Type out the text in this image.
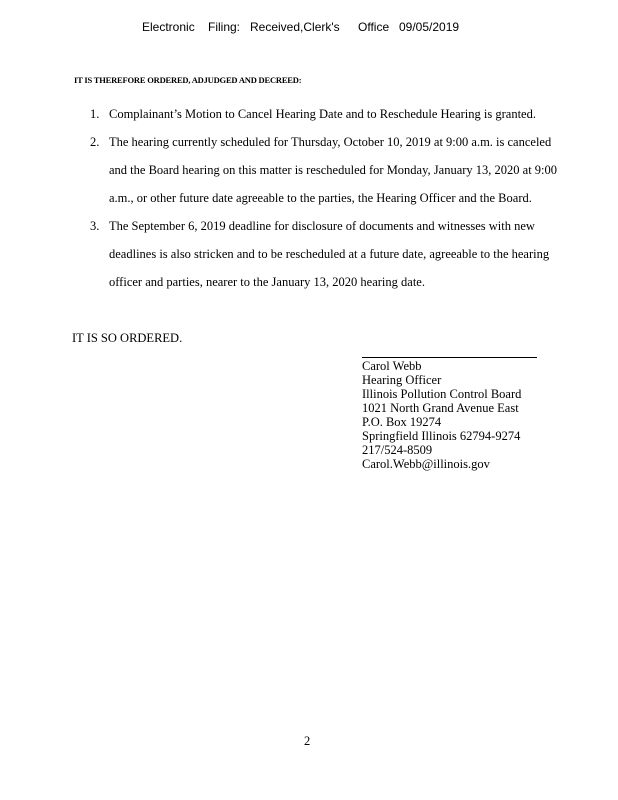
Electronic Filing: Received,Clerk's Office 09/05/2019
IT IS THEREFORE ORDERED, ADJUDGED AND DECREED:
1. Complainant’s Motion to Cancel Hearing Date and to Reschedule Hearing is granted.
2. The hearing currently scheduled for Thursday, October 10, 2019 at 9:00 a.m. is canceled
and the Board hearing on this matter is rescheduled for Monday, January 13, 2020 at 9:00
a.m., or other future date agreeable to the parties, the Hearing Officer and the Board.
3. The September 6, 2019 deadline for disclosure of documents and witnesses with new
deadlines is also stricken and to be rescheduled at a future date, agreeable to the hearing
officer and parties, nearer to the January 13, 2020 hearing date.
IT IS SO ORDERED.
Carol Webb
Hearing Officer
Illinois Pollution Control Board
1021 North Grand Avenue East
P.O. Box 19274
Springfield Illinois 62794-9274
217/524-8509
Carol.Webb@illinois.gov
2
